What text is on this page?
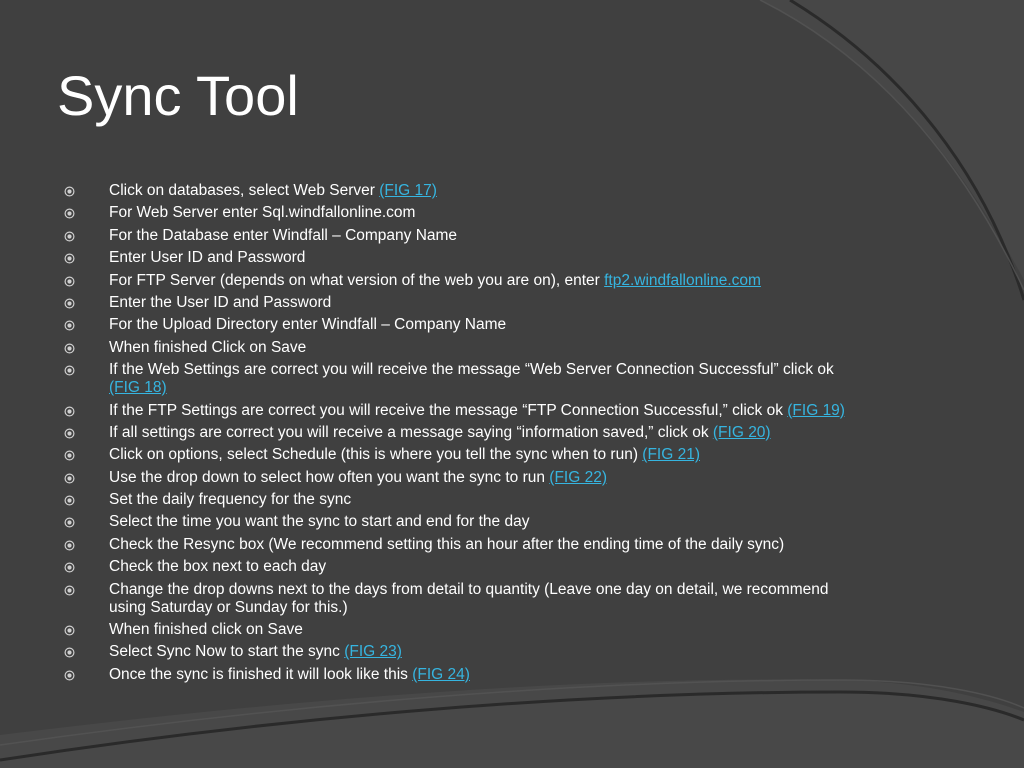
Sync Tool
Click on databases, select Web Server (FIG 17)
For Web Server enter Sql.windfallonline.com
For the Database enter Windfall – Company Name
Enter User ID and Password
For FTP Server (depends on what version of the web you are on), enter ftp2.windfallonline.com
Enter the User ID and Password
For the Upload Directory enter Windfall – Company Name
When finished Click on Save
If the Web Settings are correct you will receive the message “Web Server Connection Successful” click ok (FIG 18)
If the FTP Settings are correct you will receive the message “FTP Connection Successful,” click ok (FIG 19)
If all settings are correct you will receive a message saying “information saved,” click ok (FIG 20)
Click on options, select Schedule (this is where you tell the sync when to run) (FIG 21)
Use the drop down to select how often you want the sync to run (FIG 22)
Set the daily frequency for the sync
Select the time you want the sync to start and end for the day
Check the Resync box (We recommend setting this an hour after the ending time of the daily sync)
Check the box next to each day
Change the drop downs next to the days from detail to quantity (Leave one day on detail, we recommend using Saturday or Sunday for this.)
When finished click on Save
Select Sync Now to start the sync (FIG 23)
Once the sync is finished it will look like this (FIG 24)
